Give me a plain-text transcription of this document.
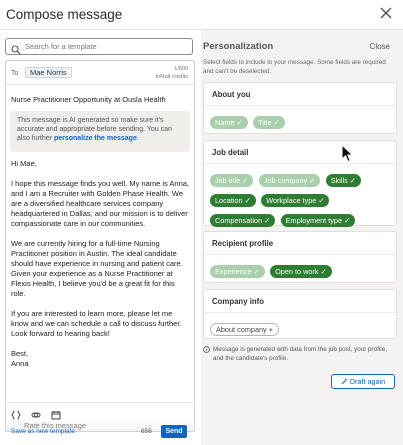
Compose message
Search for a template
To	Mae Norris	1/800
InMail credits
Nurse Practitioner Opportunity at Ousla Health
This message is AI generated so make sure it's accurate and appropriate before sending. You can also further personalize the message.

Hi Mae,

I hope this message finds you well. My name is Anna, and I am a Recruiter with Golden Phase Health. We are a diversified healthcare services company headquartered in Dallas, and our mission is to deliver compassionate care in our communities.

We are currently hiring for a full-time Nursing Practitioner position in Austin. The ideal candidate should have experience in nursing and patient care. Given your experience as a Nurse Practitioner at Flexis Health, I believe you'd be a great fit for this role.

If you are interested to learn more, please let me know and we can schedule a call to discuss further. Look forward to hearing back!

Best,
Anna
Rate this message
Save as new template	656	Send
Personalization	Close
Select fields to include in your message. Some fields are required and can't be deselected.
About you
Name ✓ Title ✓
Job detail
Job title ✓ Job company ✓ Skills ✓ Location ✓ Workplace type ✓ Compensation ✓ Employment type ✓
Recipient profile
Experience ✓ Open to work ✓
Company info
About company +
Message is generated with data from the job post, your profile, and the candidate's profile.
Draft again
